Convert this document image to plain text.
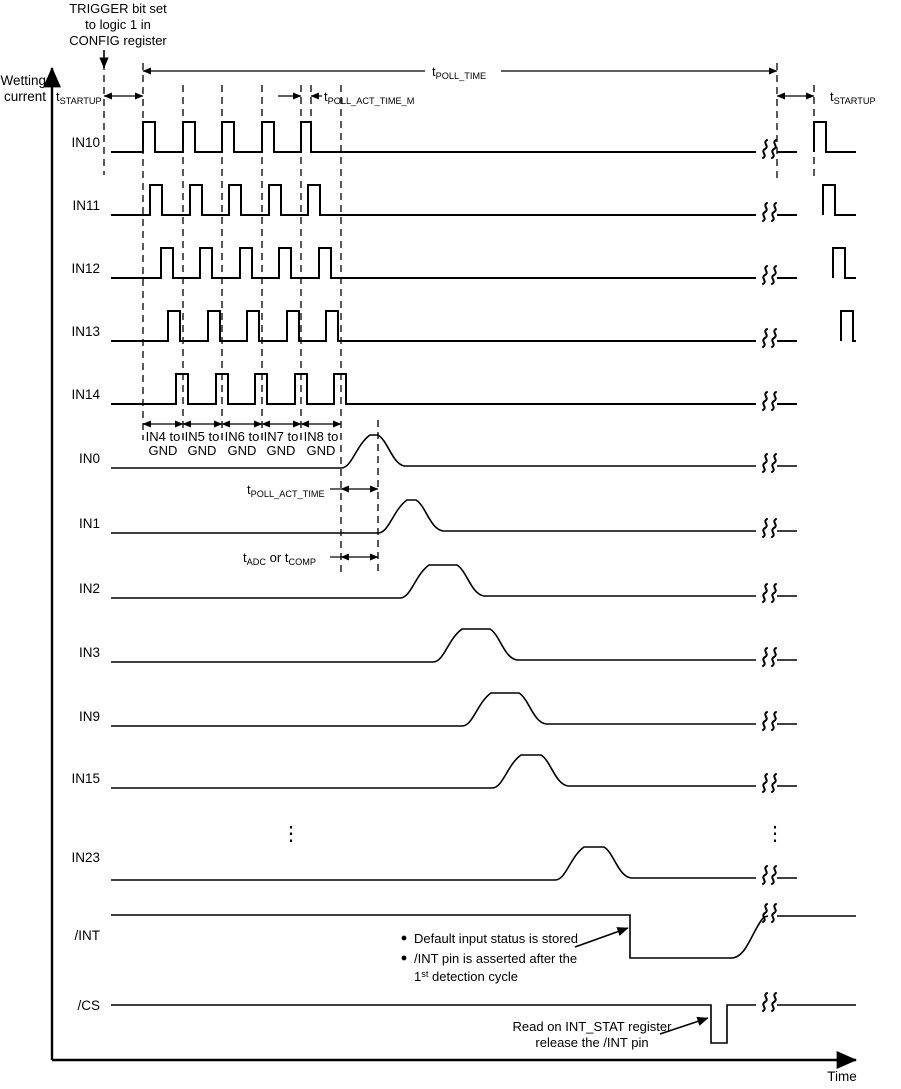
TRIGGER bit set
to logic 1 in
CONFIG register
$t_{POLL\_TIME}$
$t_{STARTUP}$	$t_{POLL\_ACT\_TIME\_M}$	$t_{STARTUP}$
IN10
IN11
IN12
IN13
IN14
IN4 to
GND
IN5 to
GND
IN6 to
GND
IN7 to
GND
IN8 to
GND
IN0
$t_{POLL\_ACT\_TIME}$
IN1
$t_{ADC}$ or $t_{COMP}$
IN2
IN3
IN9
IN15
⋮	⋮
IN23
/INT	Default input status is stored
/INT pin is asserted after the
1st detection cycle
/CS
Read on INT_STAT register
release the /INT pin
Wetting
current
Time
